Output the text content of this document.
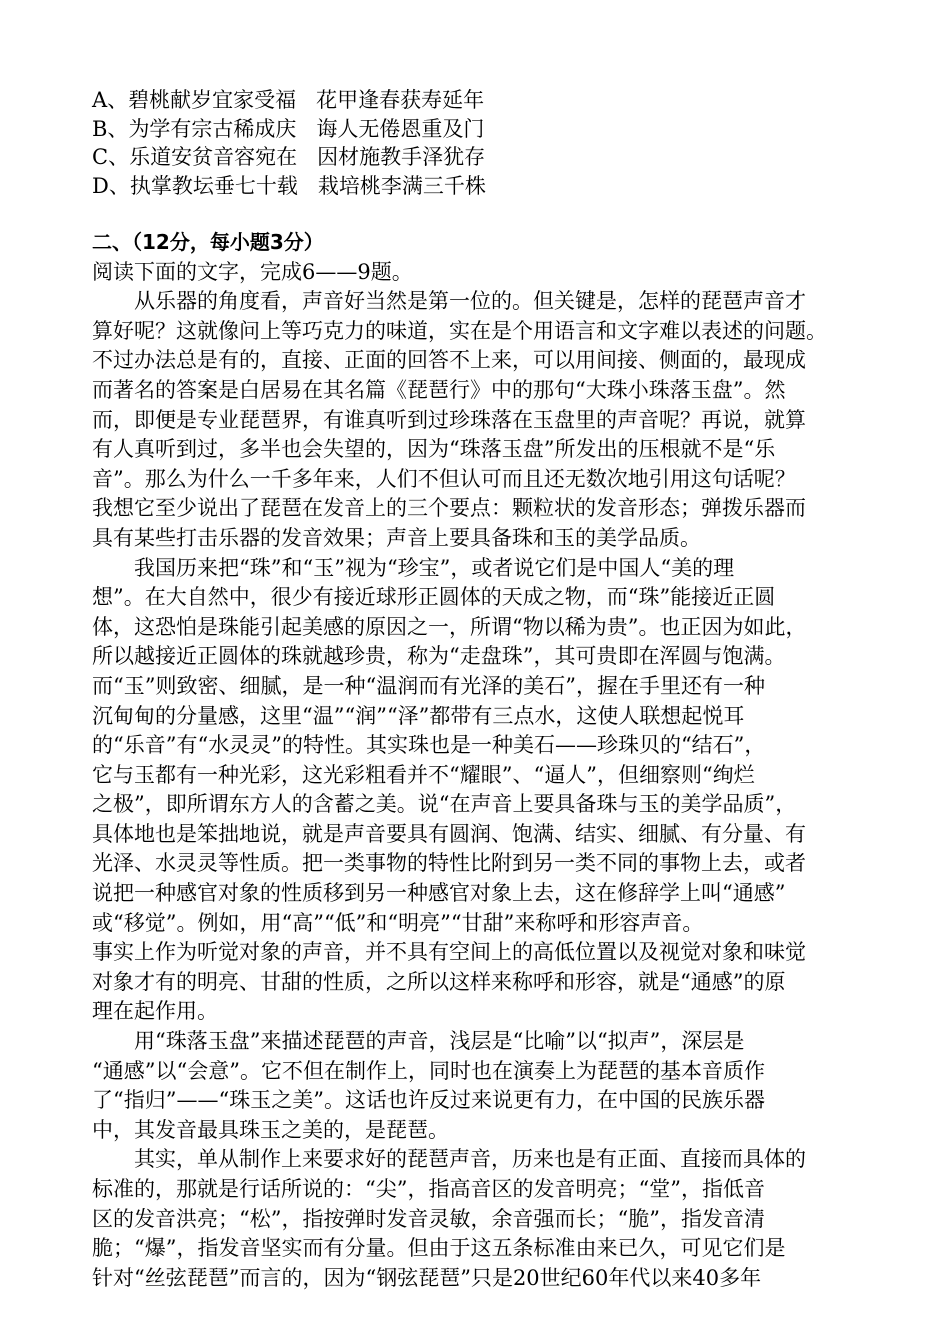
A、碧桃献岁宜家受福 花甲逢春获寿延年
B、为学有宗古稀成庆 诲人无倦恩重及门
C、乐道安贫音容宛在 因材施教手泽犹存
D、执掌教坛垂七十载 栽培桃李满三千株
二、（12分，每小题3分）
阅读下面的文字，完成6——9题。
从乐器的角度看，声音好当然是第一位的。但关键是，怎样的琵琶声音才
算好呢？这就像问上等巧克力的味道，实在是个用语言和文字难以表述的问题。
不过办法总是有的，直接、正面的回答不上来，可以用间接、侧面的，最现成
而著名的答案是白居易在其名篇《琵琶行》中的那句“大珠小珠落玉盘”。然
而，即便是专业琵琶界，有谁真听到过珍珠落在玉盘里的声音呢？再说，就算
有人真听到过，多半也会失望的，因为“珠落玉盘”所发出的压根就不是“乐
音”。那么为什么一千多年来，人们不但认可而且还无数次地引用这句话呢？
我想它至少说出了琵琶在发音上的三个要点：颗粒状的发音形态；弹拨乐器而
具有某些打击乐器的发音效果；声音上要具备珠和玉的美学品质。
我国历来把“珠”和“玉”视为“珍宝”，或者说它们是中国人“美的理
想”。在大自然中，很少有接近球形正圆体的天成之物，而“珠”能接近正圆
体，这恐怕是珠能引起美感的原因之一，所谓“物以稀为贵”。也正因为如此，
所以越接近正圆体的珠就越珍贵，称为“走盘珠”，其可贵即在浑圆与饱满。
而“玉”则致密、细腻，是一种“温润而有光泽的美石”，握在手里还有一种
沉甸甸的分量感，这里“温”“润”“泽”都带有三点水，这使人联想起悦耳
的“乐音”有“水灵灵”的特性。其实珠也是一种美石——珍珠贝的“结石”，
它与玉都有一种光彩，这光彩粗看并不“耀眼”、“逼人”，但细察则“绚烂
之极”，即所谓东方人的含蓄之美。说“在声音上要具备珠与玉的美学品质”，
具体地也是笨拙地说，就是声音要具有圆润、饱满、结实、细腻、有分量、有
光泽、水灵灵等性质。把一类事物的特性比附到另一类不同的事物上去，或者
说把一种感官对象的性质移到另一种感官对象上去，这在修辞学上叫“通感”
或“移觉”。例如，用“高”“低”和“明亮”“甘甜”来称呼和形容声音。
事实上作为听觉对象的声音，并不具有空间上的高低位置以及视觉对象和味觉
对象才有的明亮、甘甜的性质，之所以这样来称呼和形容，就是“通感”的原
理在起作用。
用“珠落玉盘”来描述琵琶的声音，浅层是“比喻”以“拟声”，深层是
“通感”以“会意”。它不但在制作上，同时也在演奏上为琵琶的基本音质作
了“指归”——“珠玉之美”。这话也许反过来说更有力，在中国的民族乐器
中，其发音最具珠玉之美的，是琵琶。
其实，单从制作上来要求好的琵琶声音，历来也是有正面、直接而具体的
标准的，那就是行话所说的：“尖”，指高音区的发音明亮；“堂”，指低音
区的发音洪亮；“松”，指按弹时发音灵敏，余音强而长；“脆”，指发音清
脆；“爆”，指发音坚实而有分量。但由于这五条标准由来已久，可见它们是
针对“丝弦琵琶”而言的，因为“钢弦琵琶”只是20世纪60年代以来40多年
